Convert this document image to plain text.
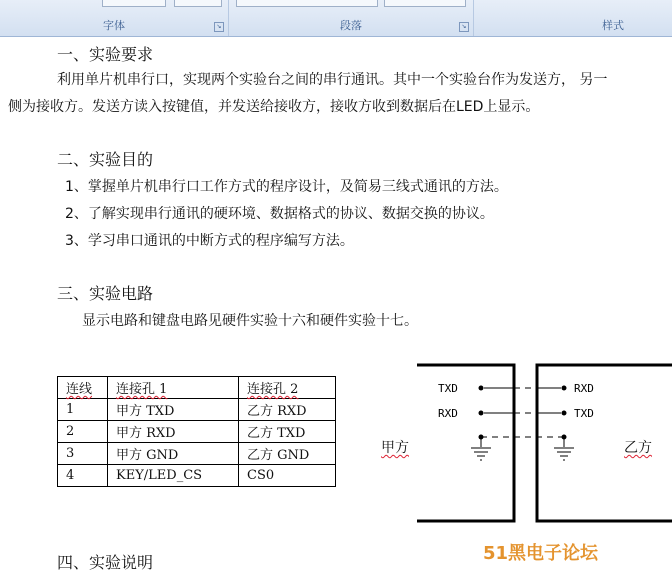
字体	↘	段落	↘	样式
一、实验要求
利用单片机串行口，实现两个实验台之间的串行通讯。其中一个实验台作为发送方， 另一
侧为接收方。发送方读入按键值，并发送给接收方，接收方收到数据后在LED上显示。
二、实验目的
1、掌握单片机串行口工作方式的程序设计，及简易三线式通讯的方法。
2、了解实现串行通讯的硬环境、数据格式的协议、数据交换的协议。
3、学习串口通讯的中断方式的程序编写方法。
三、实验电路
显示电路和键盘电路见硬件实验十六和硬件实验十七。
四、实验说明
连线	连接孔 1	连接孔 2
1	甲方 TXD	乙方 RXD
2	甲方 RXD	乙方 TXD
3	甲方 GND	乙方 GND
4	KEY/LED_CS	CS0
TXD
RXD
RXD
TXD
甲方	乙方
51黑电子论坛
